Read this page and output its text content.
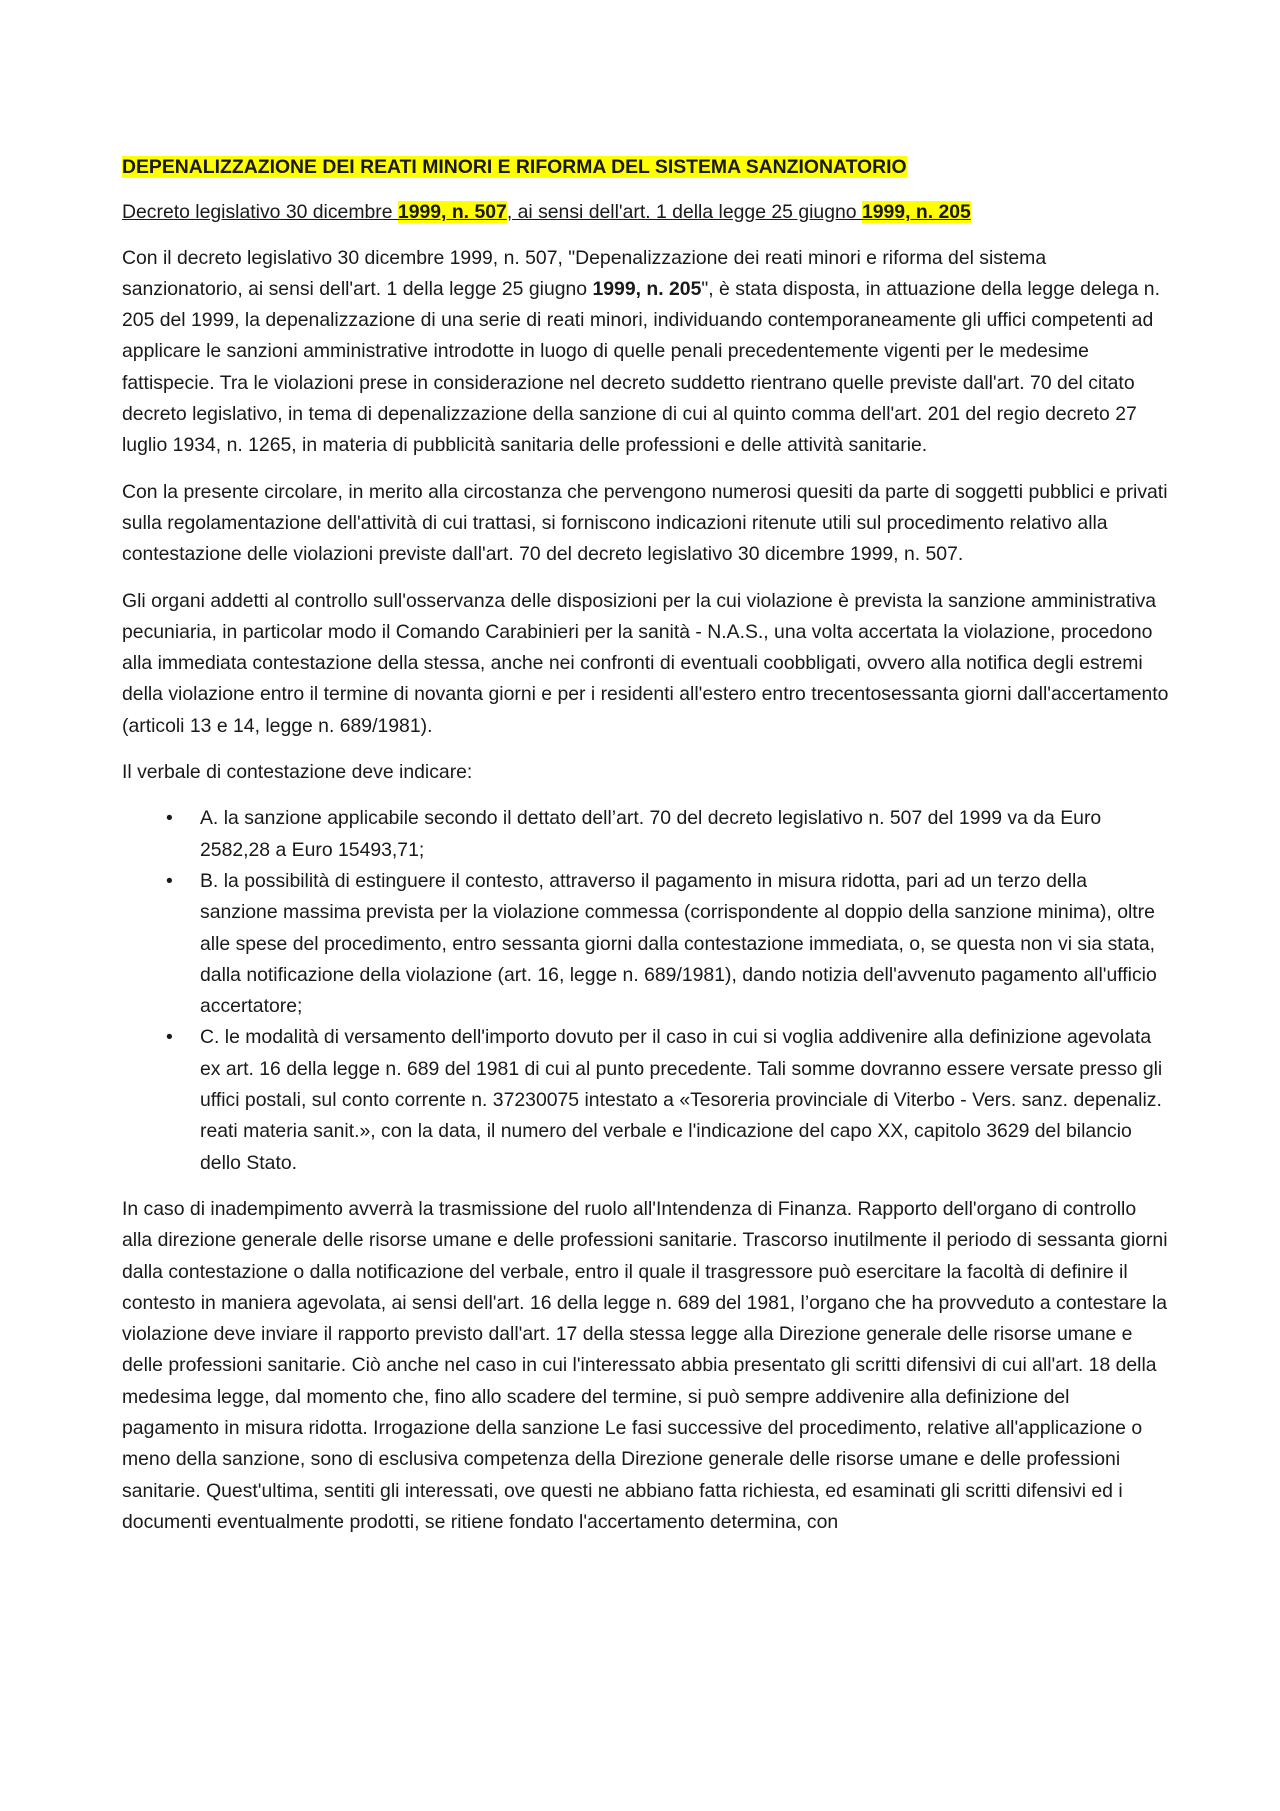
DEPENALIZZAZIONE DEI REATI MINORI E RIFORMA DEL SISTEMA SANZIONATORIO

Decreto legislativo 30 dicembre 1999, n. 507, ai sensi dell'art. 1 della legge 25 giugno 1999, n. 205

Con il decreto legislativo 30 dicembre 1999, n. 507, "Depenalizzazione dei reati minori e riforma del sistema sanzionatorio, ai sensi dell'art. 1 della legge 25 giugno 1999, n. 205", è stata disposta, in attuazione della legge delega n. 205 del 1999, la depenalizzazione di una serie di reati minori, individuando contemporaneamente gli uffici competenti ad applicare le sanzioni amministrative introdotte in luogo di quelle penali precedentemente vigenti per le medesime fattispecie. Tra le violazioni prese in considerazione nel decreto suddetto rientrano quelle previste dall'art. 70 del citato decreto legislativo, in tema di depenalizzazione della sanzione di cui al quinto comma dell'art. 201 del regio decreto 27 luglio 1934, n. 1265, in materia di pubblicità sanitaria delle professioni e delle attività sanitarie.

Con la presente circolare, in merito alla circostanza che pervengono numerosi quesiti da parte di soggetti pubblici e privati sulla regolamentazione dell'attività di cui trattasi, si forniscono indicazioni ritenute utili sul procedimento relativo alla contestazione delle violazioni previste dall'art. 70 del decreto legislativo 30 dicembre 1999, n. 507.

Gli organi addetti al controllo sull'osservanza delle disposizioni per la cui violazione è prevista la sanzione amministrativa pecuniaria, in particolar modo il Comando Carabinieri per la sanità - N.A.S., una volta accertata la violazione, procedono alla immediata contestazione della stessa, anche nei confronti di eventuali coobbligati, ovvero alla notifica degli estremi della violazione entro il termine di novanta giorni e per i residenti all'estero entro trecentosessanta giorni dall'accertamento (articoli 13 e 14, legge n. 689/1981).

Il verbale di contestazione deve indicare:

• A. la sanzione applicabile secondo il dettato dell’art. 70 del decreto legislativo n. 507 del 1999 va da Euro 2582,28 a Euro 15493,71;
• B. la possibilità di estinguere il contesto, attraverso il pagamento in misura ridotta, pari ad un terzo della sanzione massima prevista per la violazione commessa (corrispondente al doppio della sanzione minima), oltre alle spese del procedimento, entro sessanta giorni dalla contestazione immediata, o, se questa non vi sia stata, dalla notificazione della violazione (art. 16, legge n. 689/1981), dando notizia dell'avvenuto pagamento all'ufficio accertatore;
• C. le modalità di versamento dell'importo dovuto per il caso in cui si voglia addivenire alla definizione agevolata ex art. 16 della legge n. 689 del 1981 di cui al punto precedente. Tali somme dovranno essere versate presso gli uffici postali, sul conto corrente n. 37230075 intestato a «Tesoreria provinciale di Viterbo - Vers. sanz. depenaliz. reati materia sanit.», con la data, il numero del verbale e l'indicazione del capo XX, capitolo 3629 del bilancio dello Stato.

In caso di inadempimento avverrà la trasmissione del ruolo all'Intendenza di Finanza. Rapporto dell'organo di controllo alla direzione generale delle risorse umane e delle professioni sanitarie. Trascorso inutilmente il periodo di sessanta giorni dalla contestazione o dalla notificazione del verbale, entro il quale il trasgressore può esercitare la facoltà di definire il contesto in maniera agevolata, ai sensi dell'art. 16 della legge n. 689 del 1981, l’organo che ha provveduto a contestare la violazione deve inviare il rapporto previsto dall'art. 17 della stessa legge alla Direzione generale delle risorse umane e delle professioni sanitarie. Ciò anche nel caso in cui l'interessato abbia presentato gli scritti difensivi di cui all'art. 18 della medesima legge, dal momento che, fino allo scadere del termine, si può sempre addivenire alla definizione del pagamento in misura ridotta. Irrogazione della sanzione Le fasi successive del procedimento, relative all'applicazione o meno della sanzione, sono di esclusiva competenza della Direzione generale delle risorse umane e delle professioni sanitarie. Quest'ultima, sentiti gli interessati, ove questi ne abbiano fatta richiesta, ed esaminati gli scritti difensivi ed i documenti eventualmente prodotti, se ritiene fondato l'accertamento determina, con
